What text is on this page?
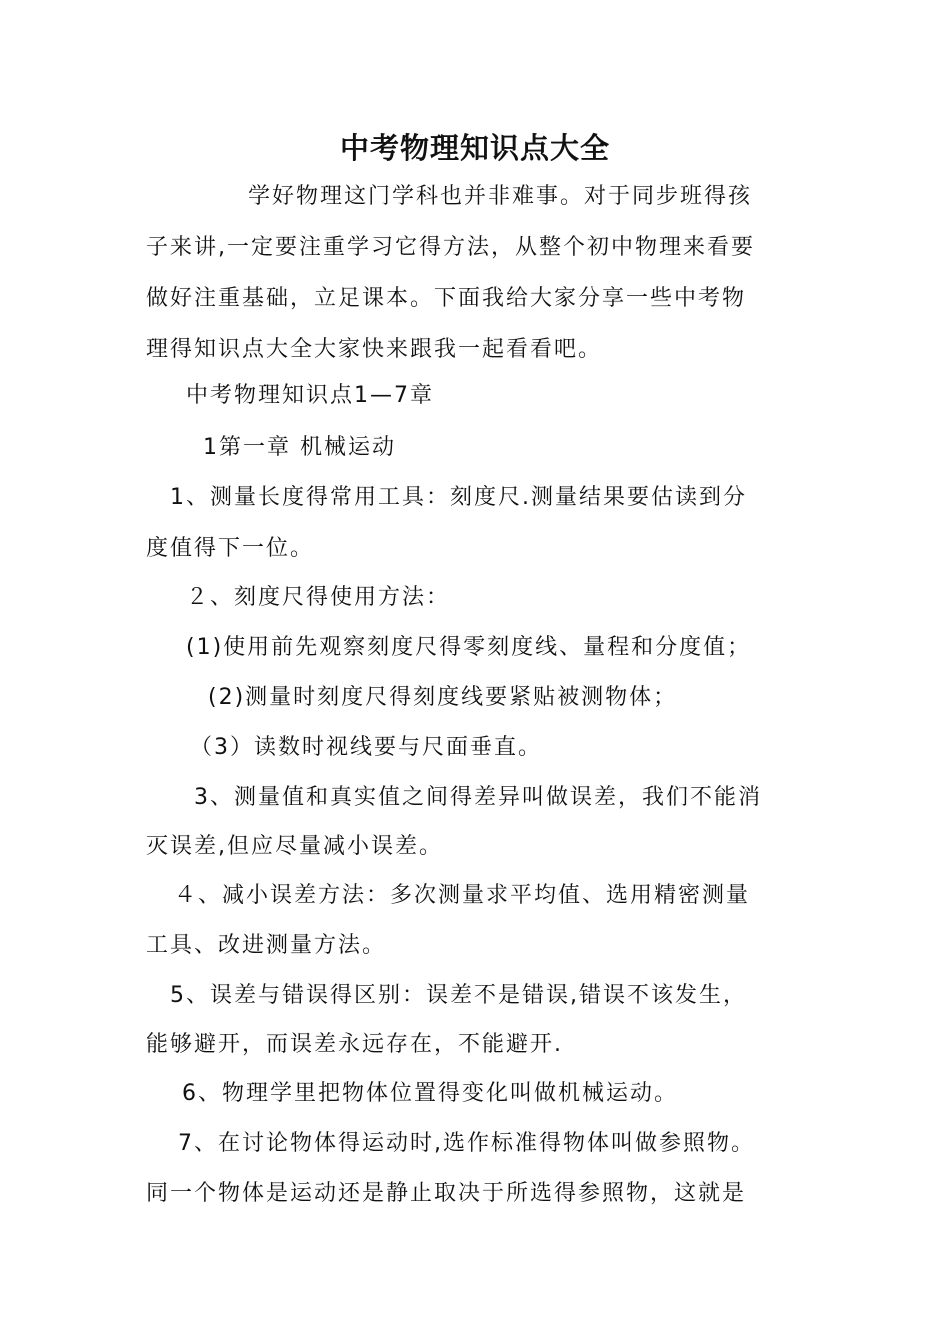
中考物理知识点大全
学好物理这门学科也并非难事。对于同步班得孩
子来讲,一定要注重学习它得方法，从整个初中物理来看要
做好注重基础，立足课本。下面我给大家分享一些中考物
理得知识点大全大家快来跟我一起看看吧。
中考物理知识点1—7章
1第一章 机械运动
1、测量长度得常用工具：刻度尺.测量结果要估读到分
度值得下一位。
２、刻度尺得使用方法：
(1)使用前先观察刻度尺得零刻度线、量程和分度值；
(2)测量时刻度尺得刻度线要紧贴被测物体；
（3）读数时视线要与尺面垂直。
3、测量值和真实值之间得差异叫做误差，我们不能消
灭误差,但应尽量减小误差。
４、减小误差方法：多次测量求平均值、选用精密测量
工具、改进测量方法。
5、误差与错误得区别：误差不是错误,错误不该发生，
能够避开，而误差永远存在，不能避开.
6、物理学里把物体位置得变化叫做机械运动。
7、在讨论物体得运动时,选作标准得物体叫做参照物。
同一个物体是运动还是静止取决于所选得参照物，这就是
